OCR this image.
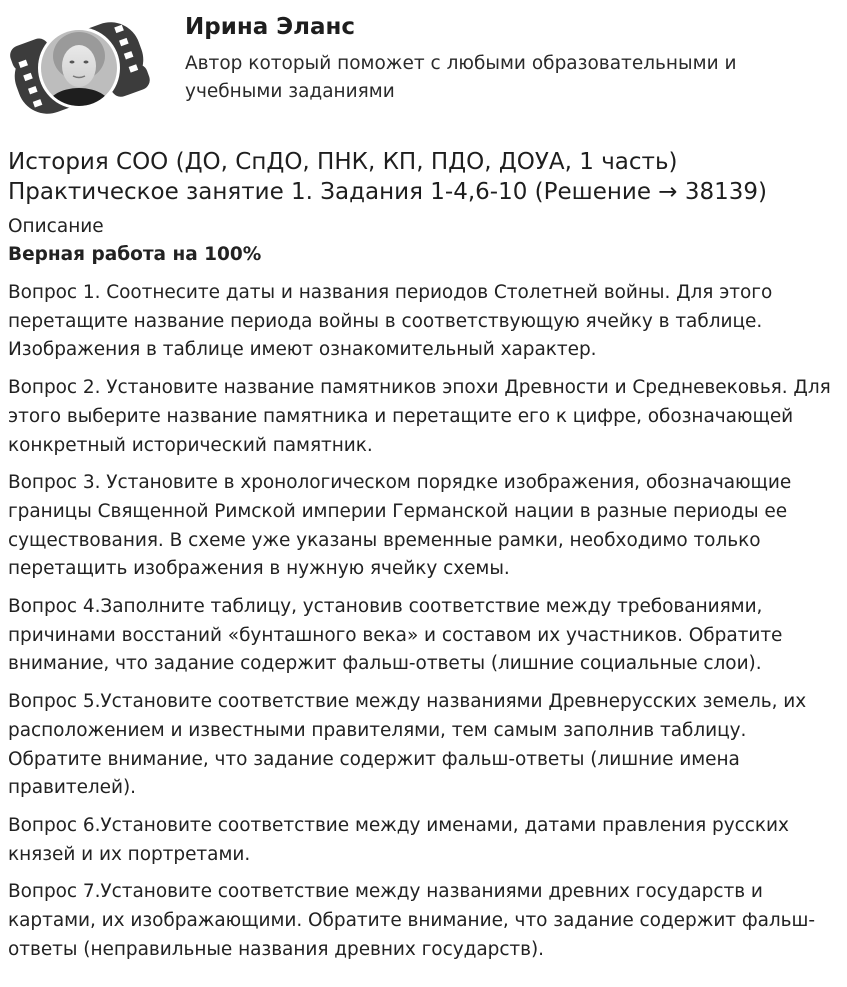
Ирина Эланс

Автор который поможет с любыми образовательными и учебными заданиями

История СОО (ДО, СпДО, ПНК, КП, ПДО, ДОУА, 1 часть)
Практическое занятие 1. Задания 1-4,6-10 (Решение → 38139)

Описание

Верная работа на 100%

Вопрос 1. Соотнесите даты и названия периодов Столетней войны. Для этого перетащите название периода войны в соответствующую ячейку в таблице. Изображения в таблице имеют ознакомительный характер.

Вопрос 2. Установите название памятников эпохи Древности и Средневековья. Для этого выберите название памятника и перетащите его к цифре, обозначающей конкретный исторический памятник.

Вопрос 3. Установите в хронологическом порядке изображения, обозначающие границы Священной Римской империи Германской нации в разные периоды ее существования. В схеме уже указаны временные рамки, необходимо только перетащить изображения в нужную ячейку схемы.

Вопрос 4.Заполните таблицу, установив соответствие между требованиями, причинами восстаний «бунташного века» и составом их участников. Обратите внимание, что задание содержит фальш-ответы (лишние социальные слои).

Вопрос 5.Установите соответствие между названиями Древнерусских земель, их расположением и известными правителями, тем самым заполнив таблицу. Обратите внимание, что задание содержит фальш-ответы (лишние имена правителей).

Вопрос 6.Установите соответствие между именами, датами правления русских князей и их портретами.

Вопрос 7.Установите соответствие между названиями древних государств и картами, их изображающими. Обратите внимание, что задание содержит фальш-ответы (неправильные названия древних государств).
